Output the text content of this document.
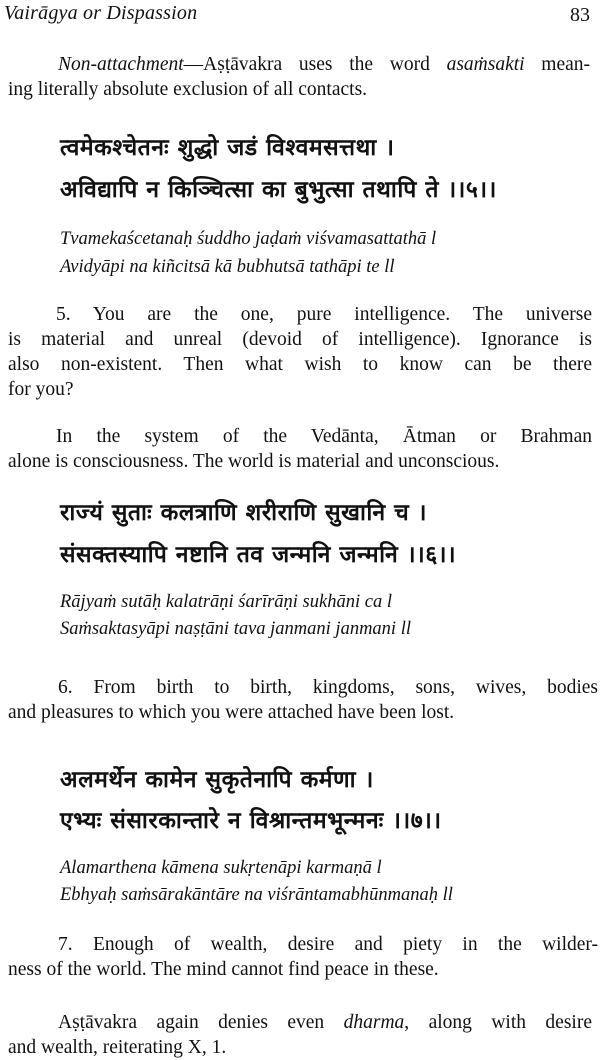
Vairāgya or Dispassion	83
Non-attachment—Aṣṭāvakra uses the word asaṁsakti mean-
ing literally absolute exclusion of all contacts.
त्वमेकश्चेतनः शुद्धो जडं विश्वमसत्तथा ।
अविद्यापि न किञ्चित्सा का बुभुत्सा तथापि ते ।।५।।
Tvamekaścetanaḥ śuddho jaḍaṁ viśvamasattathā l
Avidyāpi na kiñcitsā kā bubhutsā tathāpi te ll
5. You are the one, pure intelligence. The universe
is material and unreal (devoid of intelligence). Ignorance is
also non-existent. Then what wish to know can be there
for you?
In the system of the Vedānta, Ātman or Brahman
alone is consciousness. The world is material and unconscious.
राज्यं सुताः कलत्राणि शरीराणि सुखानि च ।
संसक्तस्यापि नष्टानि तव जन्मनि जन्मनि ।।६।।
Rājyaṁ sutāḥ kalatrāṇi śarīrāṇi sukhāni ca l
Saṁsaktasyāpi naṣṭāni tava janmani janmani ll
6. From birth to birth, kingdoms, sons, wives, bodies
and pleasures to which you were attached have been lost.
अलमर्थेन कामेन सुकृतेनापि कर्मणा ।
एभ्यः संसारकान्तारे न विश्रान्तमभून्मनः ।।७।।
Alamarthena kāmena sukṛtenāpi karmaṇā l
Ebhyaḥ saṁsārakāntāre na viśrāntamabhūnmanaḥ ll
7. Enough of wealth, desire and piety in the wilder-
ness of the world. The mind cannot find peace in these.
Aṣṭāvakra again denies even dharma, along with desire
and wealth, reiterating X, 1.
